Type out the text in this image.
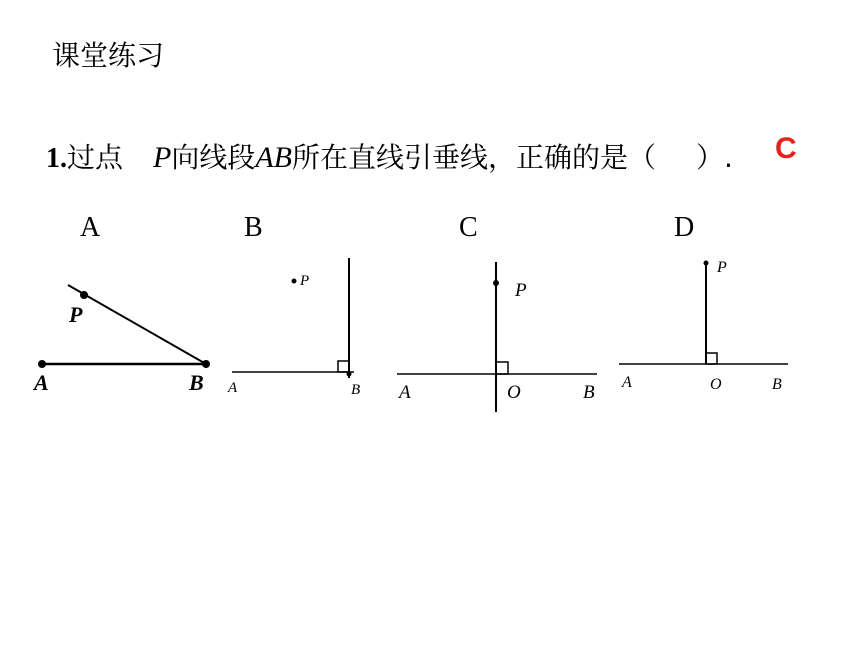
课堂练习
1.过点 P向线段AB所在直线引垂线，正确的是（ ）. C
A	B	C	D
P
A	B
P
A	B
P
A	O	B
P
A	O	B
